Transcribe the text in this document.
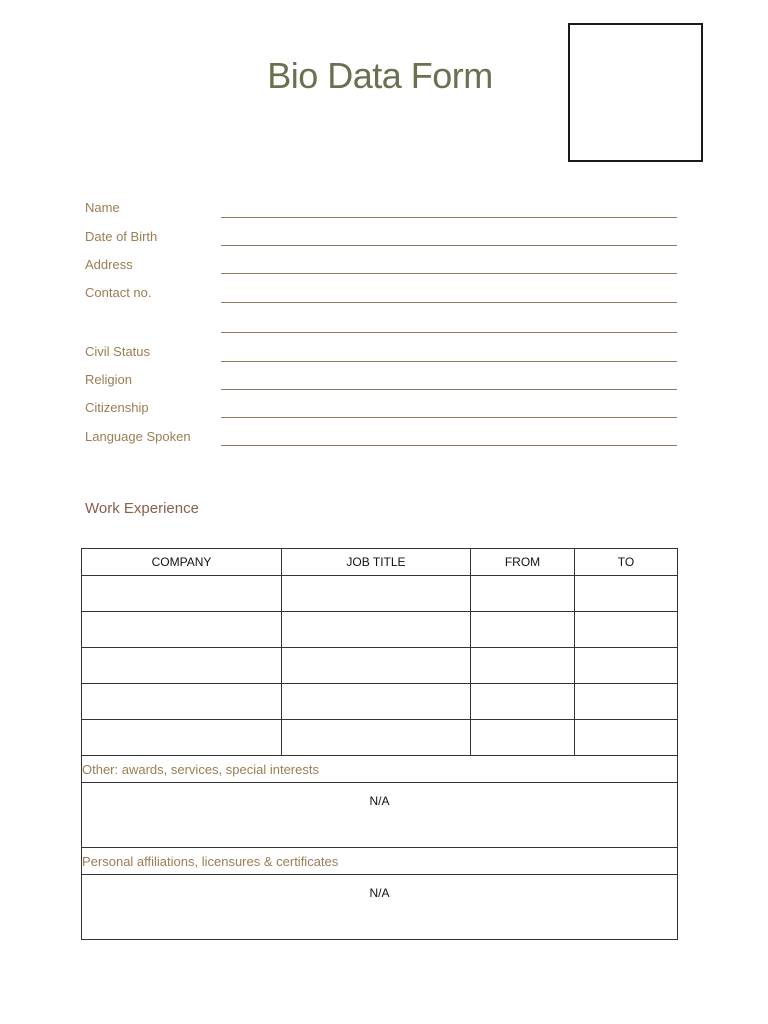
Bio Data Form
Name
Date of Birth
Address
Contact no.
Civil Status
Religion
Citizenship
Language Spoken
Work Experience
COMPANY	JOB TITLE	FROM	TO

Other: awards, services, special interests			
N/A			
Personal affiliations, licensures & certificates			
N/A			
